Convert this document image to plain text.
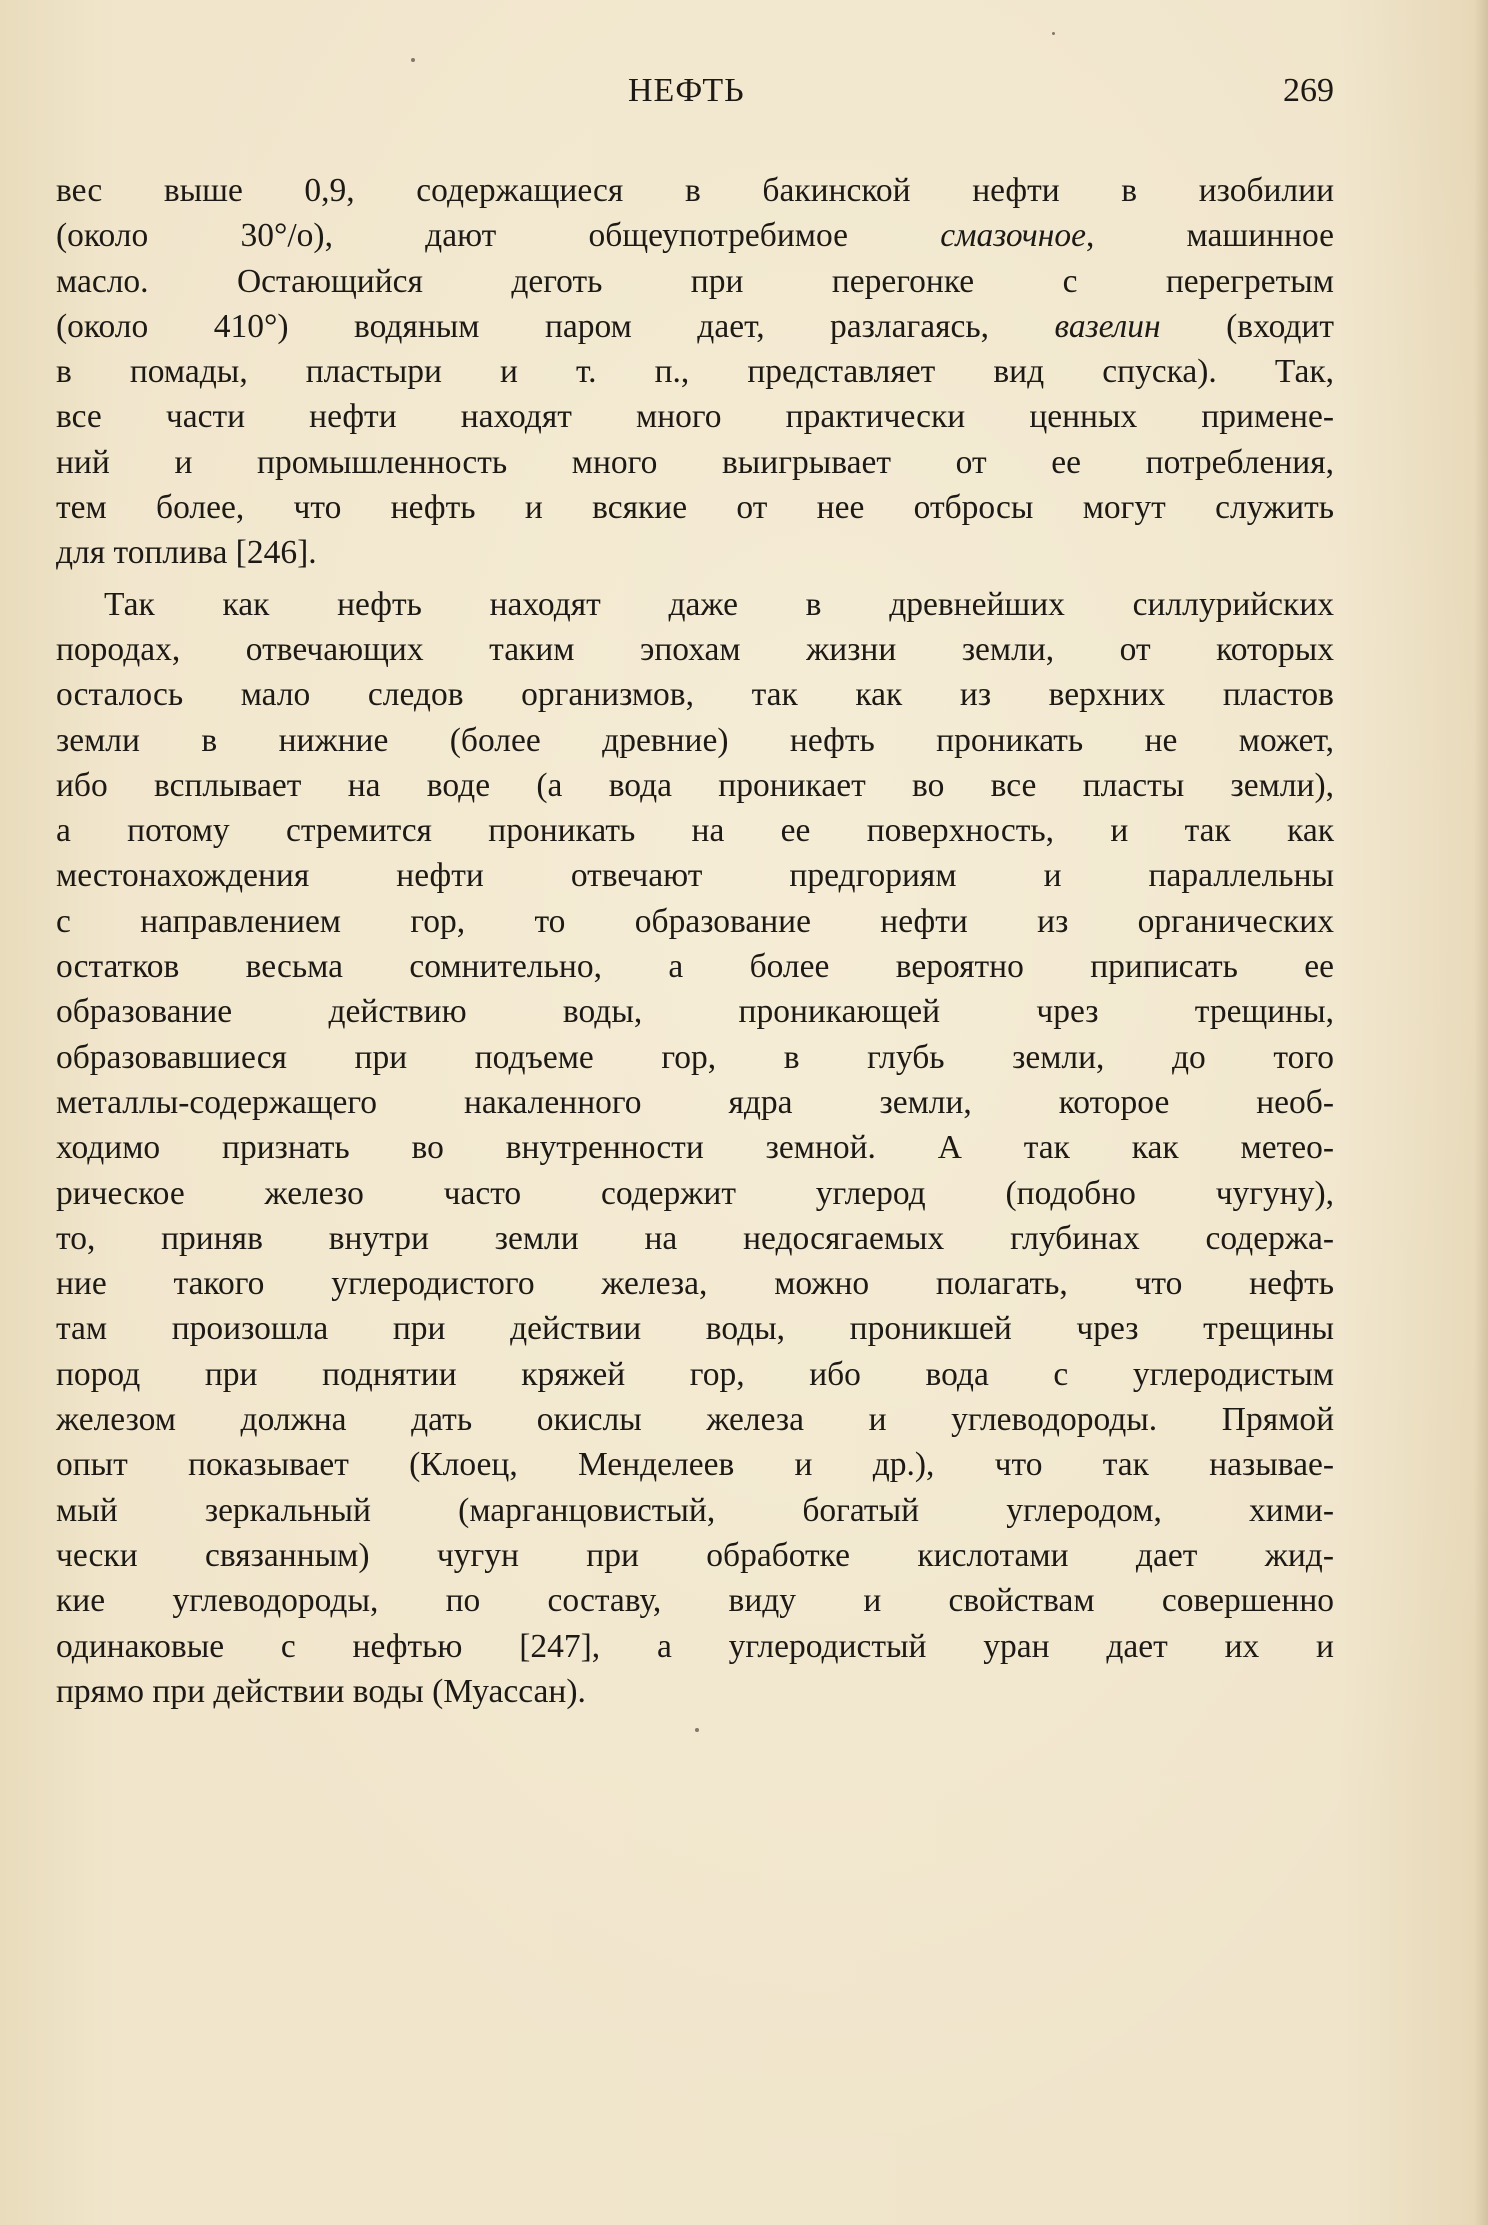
НЕФТЬ	269

вес выше 0,9, содержащиеся в бакинской нефти в изобилии
(около 30°/о), дают общеупотребимое смазочное, машинное
масло. Остающийся деготь при перегонке с перегретым
(около 410°) водяным паром дает, разлагаясь, вазелин (входит
в помады, пластыри и т. п., представляет вид спуска). Так,
все части нефти находят много практически ценных примене-
ний и промышленность много выигрывает от ее потребления,
тем более, что нефть и всякие от нее отбросы могут служить
для топлива [246].

Так как нефть находят даже в древнейших силлурийских
породах, отвечающих таким эпохам жизни земли, от которых
осталось мало следов организмов, так как из верхних пластов
земли в нижние (более древние) нефть проникать не может,
ибо всплывает на воде (а вода проникает во все пласты земли),
а потому стремится проникать на ее поверхность, и так как
местонахождения нефти отвечают предгориям и параллельны
с направлением гор, то образование нефти из органических
остатков весьма сомнительно, а более вероятно приписать ее
образование действию воды, проникающей чрез трещины,
образовавшиеся при подъеме гор, в глубь земли, до того
металлы-содержащего накаленного ядра земли, которое необ-
ходимо признать во внутренности земной. А так как метео-
рическое железо часто содержит углерод (подобно чугуну),
то, приняв внутри земли на недосягаемых глубинах содержа-
ние такого углеродистого железа, можно полагать, что нефть
там произошла при действии воды, проникшей чрез трещины
пород при поднятии кряжей гор, ибо вода с углеродистым
железом должна дать окислы железа и углеводороды. Прямой
опыт показывает (Клоец, Менделеев и др.), что так называе-
мый зеркальный (марганцовистый, богатый углеродом, хими-
чески связанным) чугун при обработке кислотами дает жид-
кие углеводороды, по составу, виду и свойствам совершенно
одинаковые с нефтью [247], а углеродистый уран дает их и
прямо при действии воды (Муассан).
